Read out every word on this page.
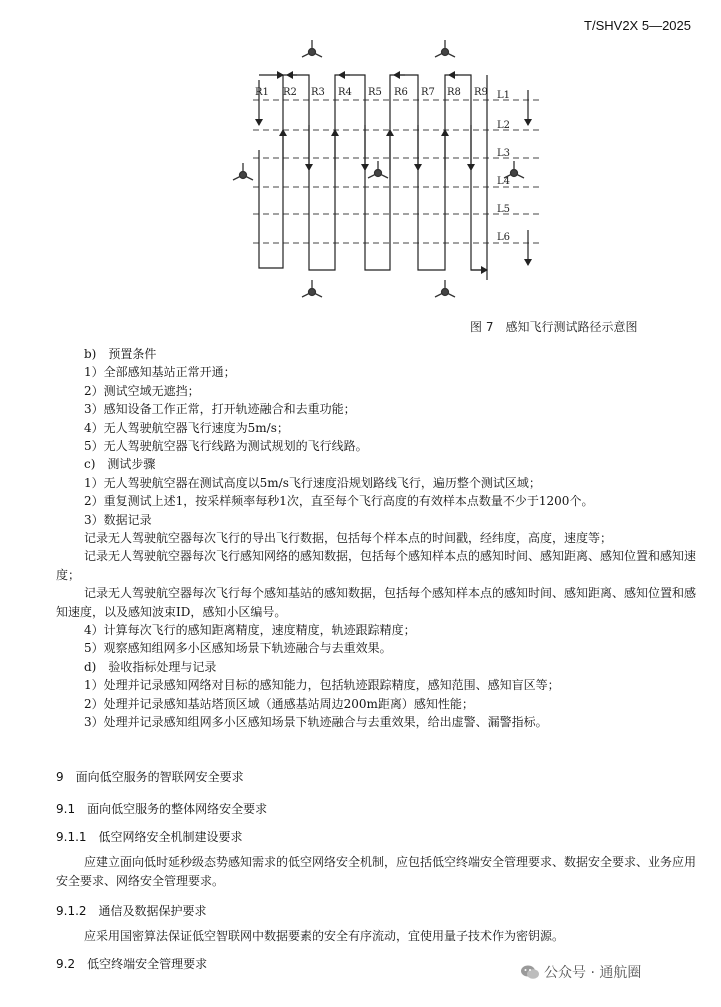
T/SHV2X 5—2025
R1 R2 R3 R4 R5 R6 R7 R8 R9 L1
L2
L3
L4
L5
L6
图 7　感知飞行测试路径示意图
b)　预置条件
1）全部感知基站正常开通；
2）测试空域无遮挡；
3）感知设备工作正常，打开轨迹融合和去重功能；
4）无人驾驶航空器飞行速度为5m/s；
5）无人驾驶航空器飞行线路为测试规划的飞行线路。
c)　测试步骤
1）无人驾驶航空器在测试高度以5m/s飞行速度沿规划路线飞行，遍历整个测试区域；
2）重复测试上述1，按采样频率每秒1次，直至每个飞行高度的有效样本点数量不少于1200个。
3）数据记录
记录无人驾驶航空器每次飞行的导出飞行数据，包括每个样本点的时间戳，经纬度，高度，速度等；
记录无人驾驶航空器每次飞行感知网络的感知数据，包括每个感知样本点的感知时间、感知距离、感知位置和感知速度；
记录无人驾驶航空器每次飞行每个感知基站的感知数据，包括每个感知样本点的感知时间、感知距离、感知位置和感知速度，以及感知波束ID，感知小区编号。
4）计算每次飞行的感知距离精度，速度精度，轨迹跟踪精度；
5）观察感知组网多小区感知场景下轨迹融合与去重效果。
d)　验收指标处理与记录
1）处理并记录感知网络对目标的感知能力，包括轨迹跟踪精度，感知范围、感知盲区等；
2）处理并记录感知基站塔顶区域（通感基站周边200m距离）感知性能；
3）处理并记录感知组网多小区感知场景下轨迹融合与去重效果，给出虚警、漏警指标。
9　面向低空服务的智联网安全要求
9.1　面向低空服务的整体网络安全要求
9.1.1　低空网络安全机制建设要求
应建立面向低时延秒级态势感知需求的低空网络安全机制，应包括低空终端安全管理要求、数据安全要求、业务应用安全要求、网络安全管理要求。
9.1.2　通信及数据保护要求
应采用国密算法保证低空智联网中数据要素的安全有序流动，宜使用量子技术作为密钥源。
9.2　低空终端安全管理要求
公众号 · 通航圈
